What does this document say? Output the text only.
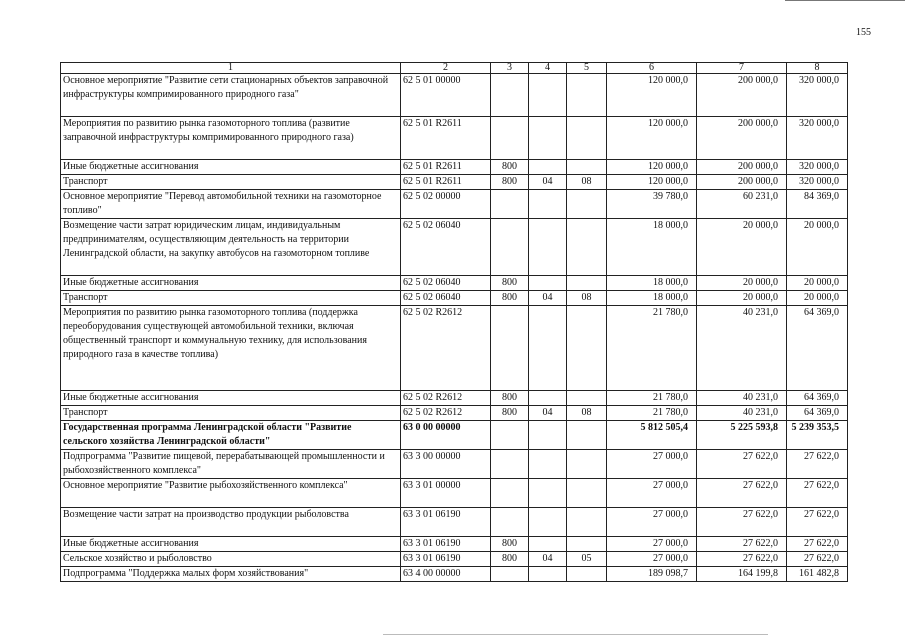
155
1	2	3	4	5	6	7	8
Основное мероприятие "Развитие сети стационарных объектов заправочной инфраструктуры компримированного природного газа"	62 5 01 00000				120 000,0	200 000,0	320 000,0
Мероприятия по развитию рынка газомоторного топлива (развитие заправочной инфраструктуры компримированного природного газа)	62 5 01 R2611				120 000,0	200 000,0	320 000,0
Иные бюджетные ассигнования	62 5 01 R2611	800			120 000,0	200 000,0	320 000,0
Транспорт	62 5 01 R2611	800	04	08	120 000,0	200 000,0	320 000,0
Основное мероприятие "Перевод автомобильной техники на газомоторное топливо"	62 5 02 00000				39 780,0	60 231,0	84 369,0
Возмещение части затрат юридическим лицам, индивидуальным предпринимателям, осуществляющим деятельность на территории Ленинградской области, на закупку автобусов на газомоторном топливе	62 5 02 06040				18 000,0	20 000,0	20 000,0
Иные бюджетные ассигнования	62 5 02 06040	800			18 000,0	20 000,0	20 000,0
Транспорт	62 5 02 06040	800	04	08	18 000,0	20 000,0	20 000,0
Мероприятия по развитию рынка газомоторного топлива (поддержка переоборудования существующей автомобильной техники, включая общественный транспорт и коммунальную технику, для использования природного газа в качестве топлива)	62 5 02 R2612				21 780,0	40 231,0	64 369,0
Иные бюджетные ассигнования	62 5 02 R2612	800			21 780,0	40 231,0	64 369,0
Транспорт	62 5 02 R2612	800	04	08	21 780,0	40 231,0	64 369,0
Государственная программа Ленинградской области "Развитие сельского хозяйства Ленинградской области"	63 0 00 00000				5 812 505,4	5 225 593,8	5 239 353,5
Подпрограмма "Развитие пищевой, перерабатывающей промышленности и рыбохозяйственного комплекса"	63 3 00 00000				27 000,0	27 622,0	27 622,0
Основное мероприятие "Развитие рыбохозяйственного комплекса"	63 3 01 00000				27 000,0	27 622,0	27 622,0
Возмещение части затрат на производство продукции рыболовства	63 3 01 06190				27 000,0	27 622,0	27 622,0
Иные бюджетные ассигнования	63 3 01 06190	800			27 000,0	27 622,0	27 622,0
Сельское хозяйство и рыболовство	63 3 01 06190	800	04	05	27 000,0	27 622,0	27 622,0
Подпрограмма "Поддержка малых форм хозяйствования"	63 4 00 00000				189 098,7	164 199,8	161 482,8
